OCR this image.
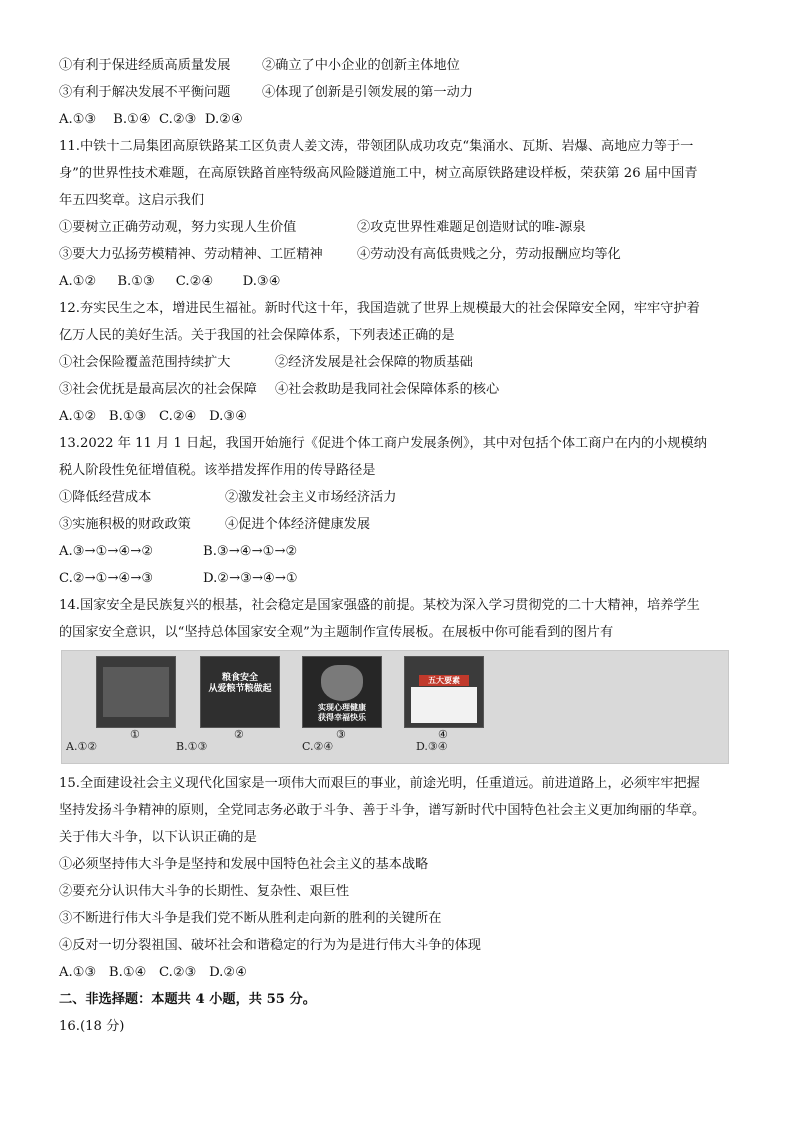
①有利于保进经质高质量发展 ②确立了中小企业的创新主体地位
③有利于解决发展不平衡问题 ④体现了创新是引领发展的第一动力
A.①③    B.①④  C.②③  D.②④
11.中铁十二局集团高原铁路某工区负责人姜文涛，带领团队成功攻克“集涌水、瓦斯、岩爆、高地应力等于一
身”的世界性技术难题，在高原铁路首座特级高风险隧道施工中，树立高原铁路建设样板，荣获第 26 届中国青
年五四奖章。这启示我们
①要树立正确劳动观，努力实现人生价值	②攻克世界性难题足创造财试的唯-源泉
③要大力弘扬劳模精神、劳动精神、工匠精神	④劳动没有高低贵贱之分，劳动报酬应均等化
A.①②     B.①③     C.②④       D.③④
12.夯实民生之本，增进民生福祉。新时代这十年，我国造就了世界上规模最大的社会保障安全网，牢牢守护着
亿万人民的美好生活。关于我国的社会保障体系，下列表述正确的是
①社会保险覆盖范围持续扩大	②经济发展是社会保障的物质基础
③社会优抚是最高层次的社会保障 ④社会救助是我同社会保障体系的核心
A.①②   B.①③   C.②④   D.③④
13.2022 年 11 月 1 日起，我国开始施行《促进个体工商户发展条例》，其中对包括个体工商户在内的小规模纳
税人阶段性免征增值税。该举措发挥作用的传导路径是
①降低经营成本	②激发社会主义市场经济活力
③实施积极的财政政策	④促进个体经济健康发展
A.③→①→④→②	B.③→④→①→②
C.②→①→④→③	D.②→③→④→①
14.国家安全是民族复兴的根基，社会稳定是国家强盛的前提。某校为深入学习贯彻党的二十大精神，培养学生
的国家安全意识，以“坚持总体国家安全观”为主题制作宣传展板。在展板中你可能看到的图片有
①
粮食安全
从爱粮节粮做起
②
实现心理健康
获得幸福快乐
③
五大要素
④
A.①②	B.①③	C.②④	D.③④
15.全面建设社会主义现代化国家是一项伟大而艰巨的事业，前途光明，任重道远。前进道路上，必须牢牢把握
坚持发扬斗争精神的原则，全党同志务必敢于斗争、善于斗争，谱写新时代中国特色社会主义更加绚丽的华章。
关于伟大斗争，以下认识正确的是
①必须坚持伟大斗争是坚持和发展中国特色社会主义的基本战略
②要充分认识伟大斗争的长期性、复杂性、艰巨性
③不断进行伟大斗争是我们党不断从胜利走向新的胜利的关键所在
④反对一切分裂祖国、破坏社会和谐稳定的行为为是进行伟大斗争的体现
A.①③   B.①④   C.②③   D.②④
二、非选择题：本题共 4 小题，共 55 分。
16.(18 分)
